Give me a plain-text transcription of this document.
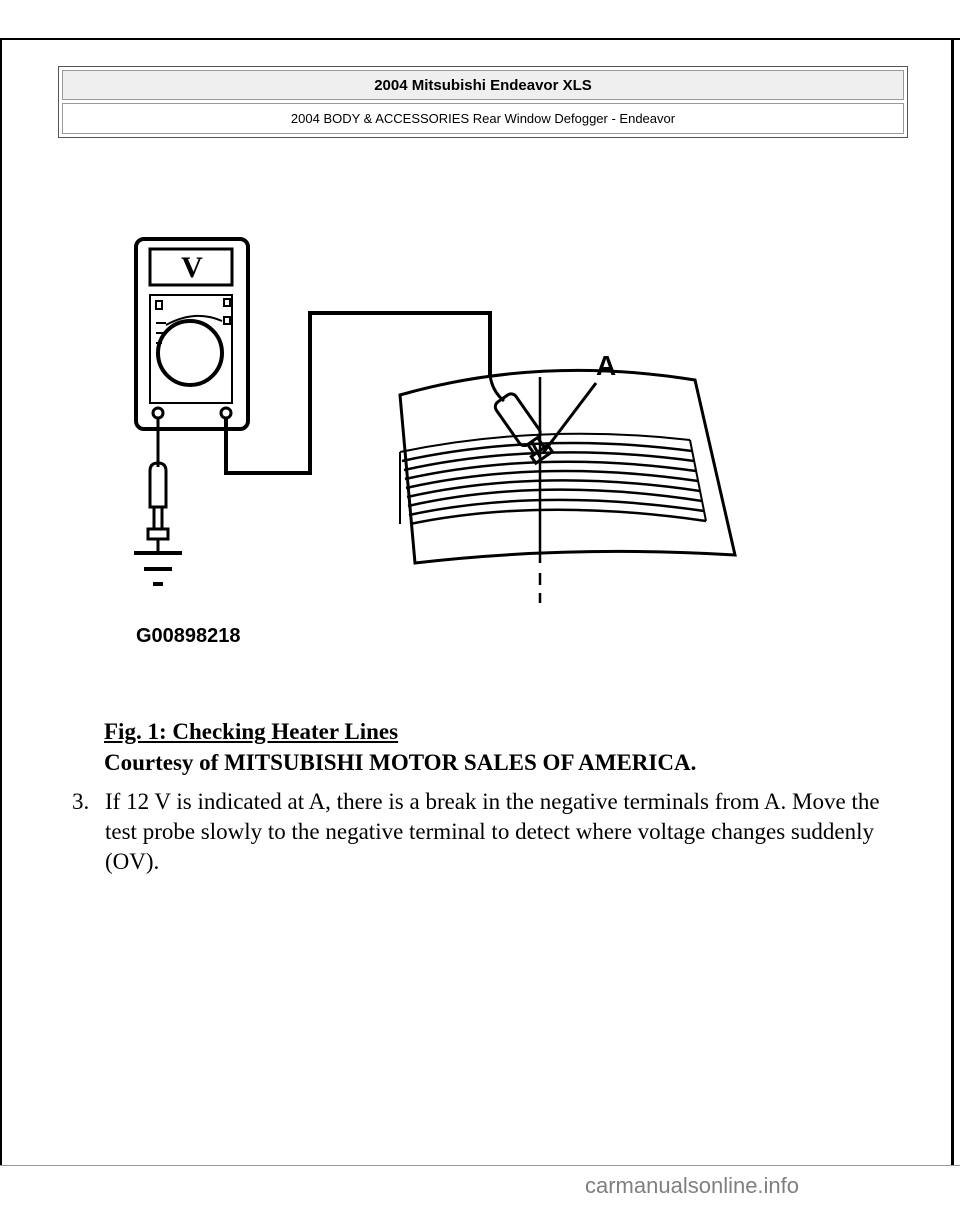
2004 Mitsubishi Endeavor XLS
2004 BODY & ACCESSORIES Rear Window Defogger - Endeavor
V
A
G00898218
Fig. 1: Checking Heater Lines
Courtesy of MITSUBISHI MOTOR SALES OF AMERICA.
3. If 12 V is indicated at A, there is a break in the negative terminals from A. Move the test probe slowly to the negative terminal to detect where voltage changes suddenly (OV).
carmanualsonline.info
